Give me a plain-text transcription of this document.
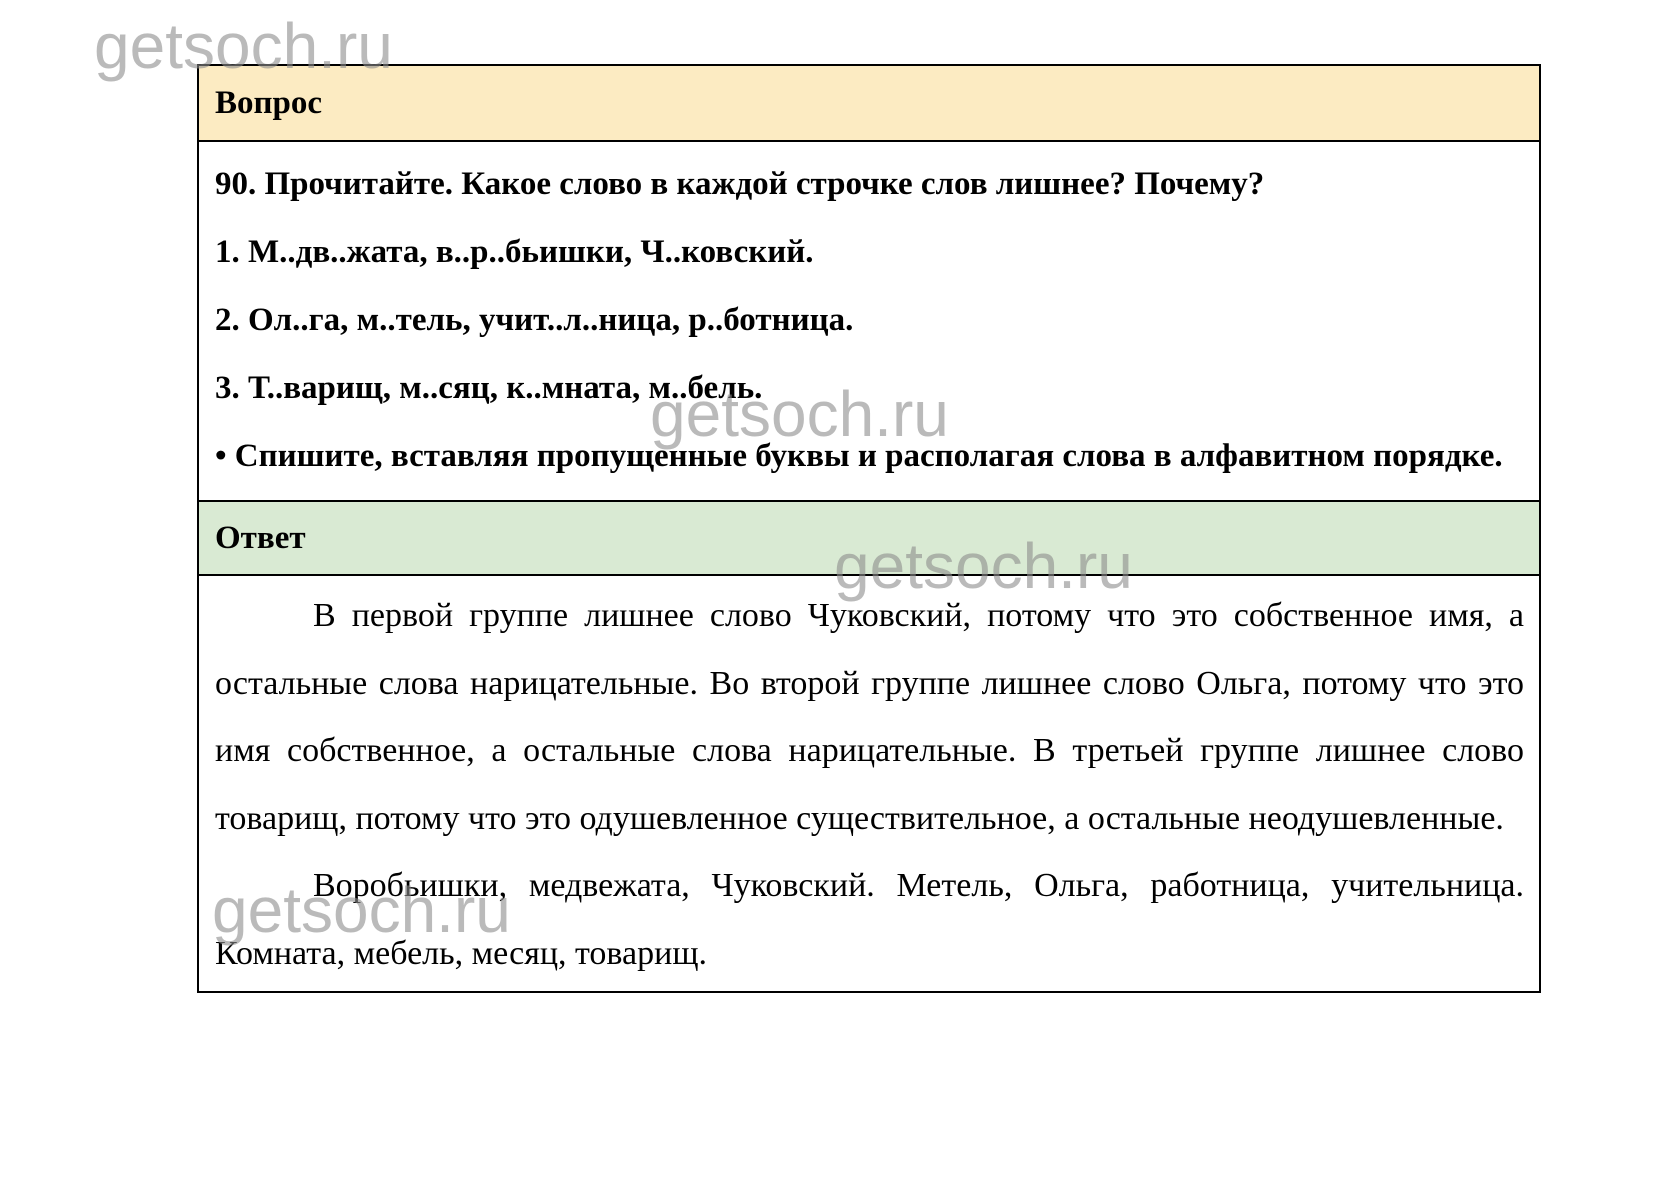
Вопрос

90. Прочитайте. Какое слово в каждой строчке слов лишнее? Почему?

1. М..дв..жата, в..р..бьишки, Ч..ковский.

2. Ол..га, м..тель, учит..л..ница, р..ботница.

3. Т..варищ, м..сяц, к..мната, м..бель.

• Спишите, вставляя пропущенные буквы и располагая слова в алфавитном порядке.

Ответ

В первой группе лишнее слово Чуковский, потому что это собственное имя, а остальные слова нарицательные. Во второй группе лишнее слово Ольга, потому что это имя собственное, а остальные слова нарицательные. В третьей группе лишнее слово товарищ, потому что это одушевленное существительное, а остальные неодушевленные.

Воробьишки, медвежата, Чуковский. Метель, Ольга, работница, учительница. Комната, мебель, месяц, товарищ.

getsoch.ru
getsoch.ru
getsoch.ru
getsoch.ru
